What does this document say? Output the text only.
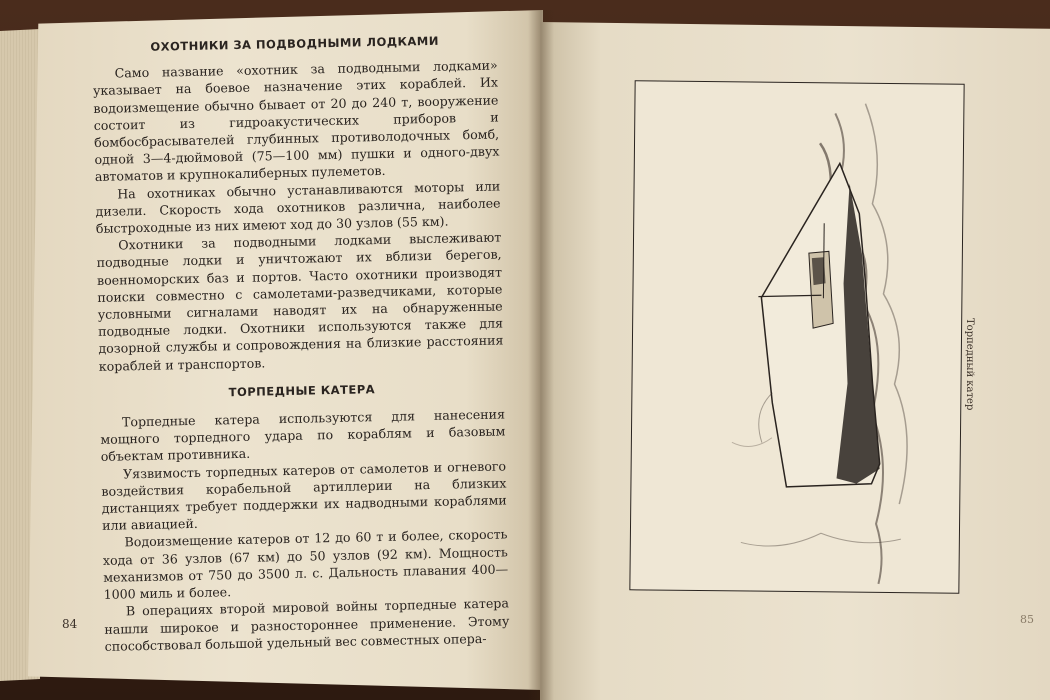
ОХОТНИКИ ЗА ПОДВОДНЫМИ ЛОДКАМИ

Само название «охотник за подводными лодками» указывает на боевое назначение этих кораблей. Их водоизмещение обычно бывает от 20 до 240 т, вооружение состоит из гидроакустических приборов и бомбосбрасывателей глубинных противолодочных бомб, одной 3—4-дюймовой (75—100 мм) пушки и одного-двух автоматов и крупнокалиберных пулеметов.

На охотниках обычно устанавливаются моторы или дизели. Скорость хода охотников различна, наиболее быстроходные из них имеют ход до 30 узлов (55 км).

Охотники за подводными лодками выслеживают подводные лодки и уничтожают их вблизи берегов, военноморских баз и портов. Часто охотники производят поиски совместно с самолетами-разведчиками, которые условными сигналами наводят их на обнаруженные подводные лодки. Охотники используются также для дозорной службы и сопровождения на близкие расстояния кораблей и транспортов.

ТОРПЕДНЫЕ КАТЕРА

Торпедные катера используются для нанесения мощного торпедного удара по кораблям и базовым объектам противника.

Уязвимость торпедных катеров от самолетов и огневого воздействия корабельной артиллерии на близких дистанциях требует поддержки их надводными кораблями или авиацией.

Водоизмещение катеров от 12 до 60 т и более, скорость хода от 36 узлов (67 км) до 50 узлов (92 км). Мощность механизмов от 750 до 3500 л. с. Дальность плавания 400—1000 миль и более.

В операциях второй мировой войны торпедные катера нашли широкое и разностороннее применение. Этому способствовал большой удельный вес совместных опера-

84	85
Торпедный катер
